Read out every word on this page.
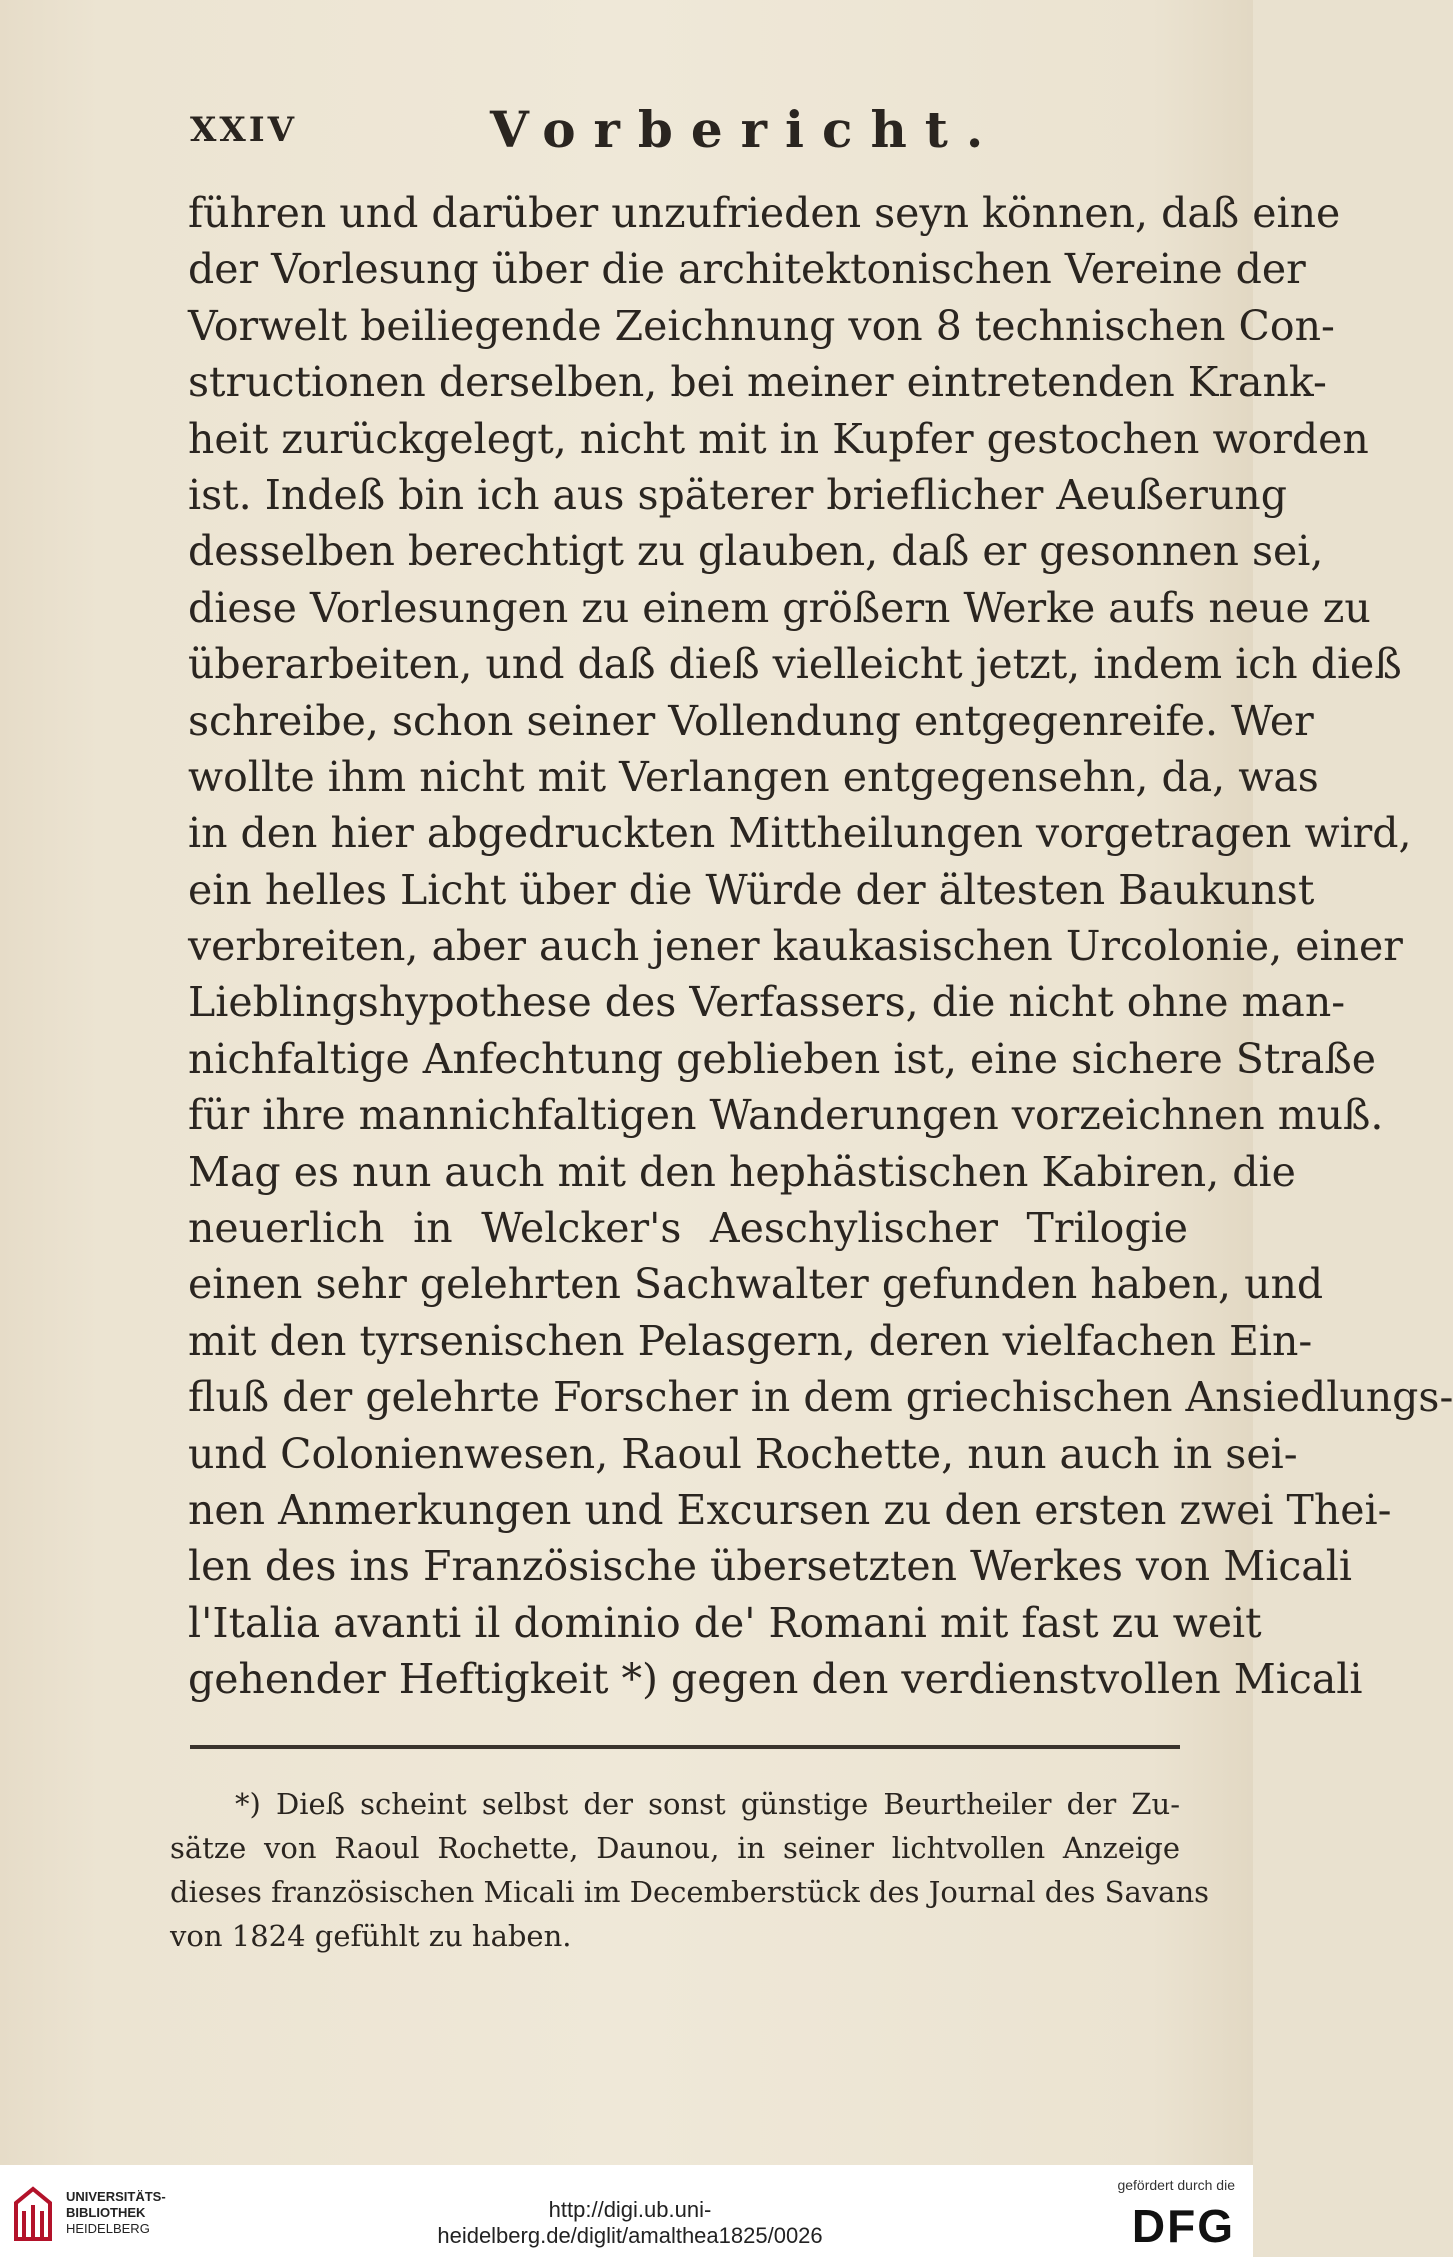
XXIV	Vorbericht.
führen und darüber unzufrieden seyn können, daß eine
der Vorlesung über die architektonischen Vereine der
Vorwelt beiliegende Zeichnung von 8 technischen Con-
structionen derselben, bei meiner eintretenden Krank-
heit zurückgelegt, nicht mit in Kupfer gestochen worden
ist. Indeß bin ich aus späterer brieflicher Aeußerung
desselben berechtigt zu glauben, daß er gesonnen sei,
diese Vorlesungen zu einem größern Werke aufs neue zu
überarbeiten, und daß dieß vielleicht jetzt, indem ich dieß
schreibe, schon seiner Vollendung entgegenreife. Wer
wollte ihm nicht mit Verlangen entgegensehn, da, was
in den hier abgedruckten Mittheilungen vorgetragen wird,
ein helles Licht über die Würde der ältesten Baukunst
verbreiten, aber auch jener kaukasischen Urcolonie, einer
Lieblingshypothese des Verfassers, die nicht ohne man-
nichfaltige Anfechtung geblieben ist, eine sichere Straße
für ihre mannichfaltigen Wanderungen vorzeichnen muß.
Mag es nun auch mit den hephästischen Kabiren, die
neuerlich in Welcker's Aeschylischer Trilogie
einen sehr gelehrten Sachwalter gefunden haben, und
mit den tyrsenischen Pelasgern, deren vielfachen Ein-
fluß der gelehrte Forscher in dem griechischen Ansiedlungs-
und Colonienwesen, Raoul Rochette, nun auch in sei-
nen Anmerkungen und Excursen zu den ersten zwei Thei-
len des ins Französische übersetzten Werkes von Micali
l'Italia avanti il dominio de' Romani mit fast zu weit
gehender Heftigkeit *) gegen den verdienstvollen Micali
*) Dieß scheint selbst der sonst günstige Beurtheiler der Zu-
sätze von Raoul Rochette, Daunou, in seiner lichtvollen Anzeige
dieses französischen Micali im Decemberstück des Journal des Savans
von 1824 gefühlt zu haben.
UNIVERSITÄTS-
BIBLIOTHEK
HEIDELBERG
http://digi.ub.uni-heidelberg.de/diglit/amalthea1825/0026
gefördert durch die
DFG
